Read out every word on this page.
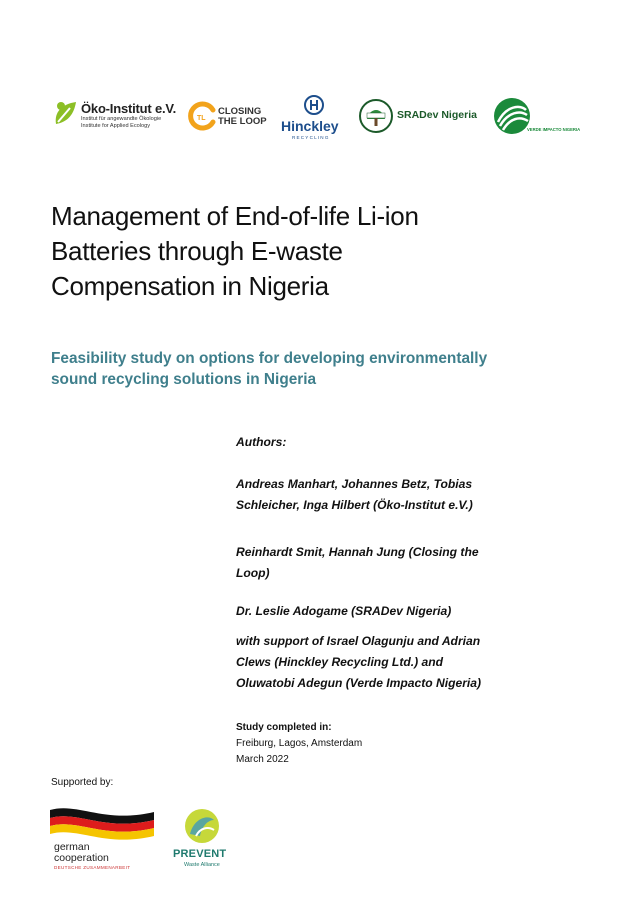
Öko-Institut e.V.
Institut für angewandte Ökologie
Institute for Applied Ecology
TL
CLOSING
THE LOOP Hinckley
RECYCLING
SRADev Nigeria
VERDE IMPACTO NIGERIA
Management of End-of-life Li-ion
Batteries through E-waste
Compensation in Nigeria
Feasibility study on options for developing environmentally
sound recycling solutions in Nigeria

Authors:

Andreas Manhart, Johannes Betz, Tobias
Schleicher, Inga Hilbert (Öko-Institut e.V.)

Reinhardt Smit, Hannah Jung (Closing the
Loop)

Dr. Leslie Adogame (SRADev Nigeria)

with support of Israel Olagunju and Adrian
Clews (Hinckley Recycling Ltd.) and
Oluwatobi Adegun (Verde Impacto Nigeria)

Study completed in:
Freiburg, Lagos, Amsterdam
March 2022
Supported by:
german
cooperation
DEUTSCHE ZUSAMMENARBEIT
PREVENT
Waste Alliance
